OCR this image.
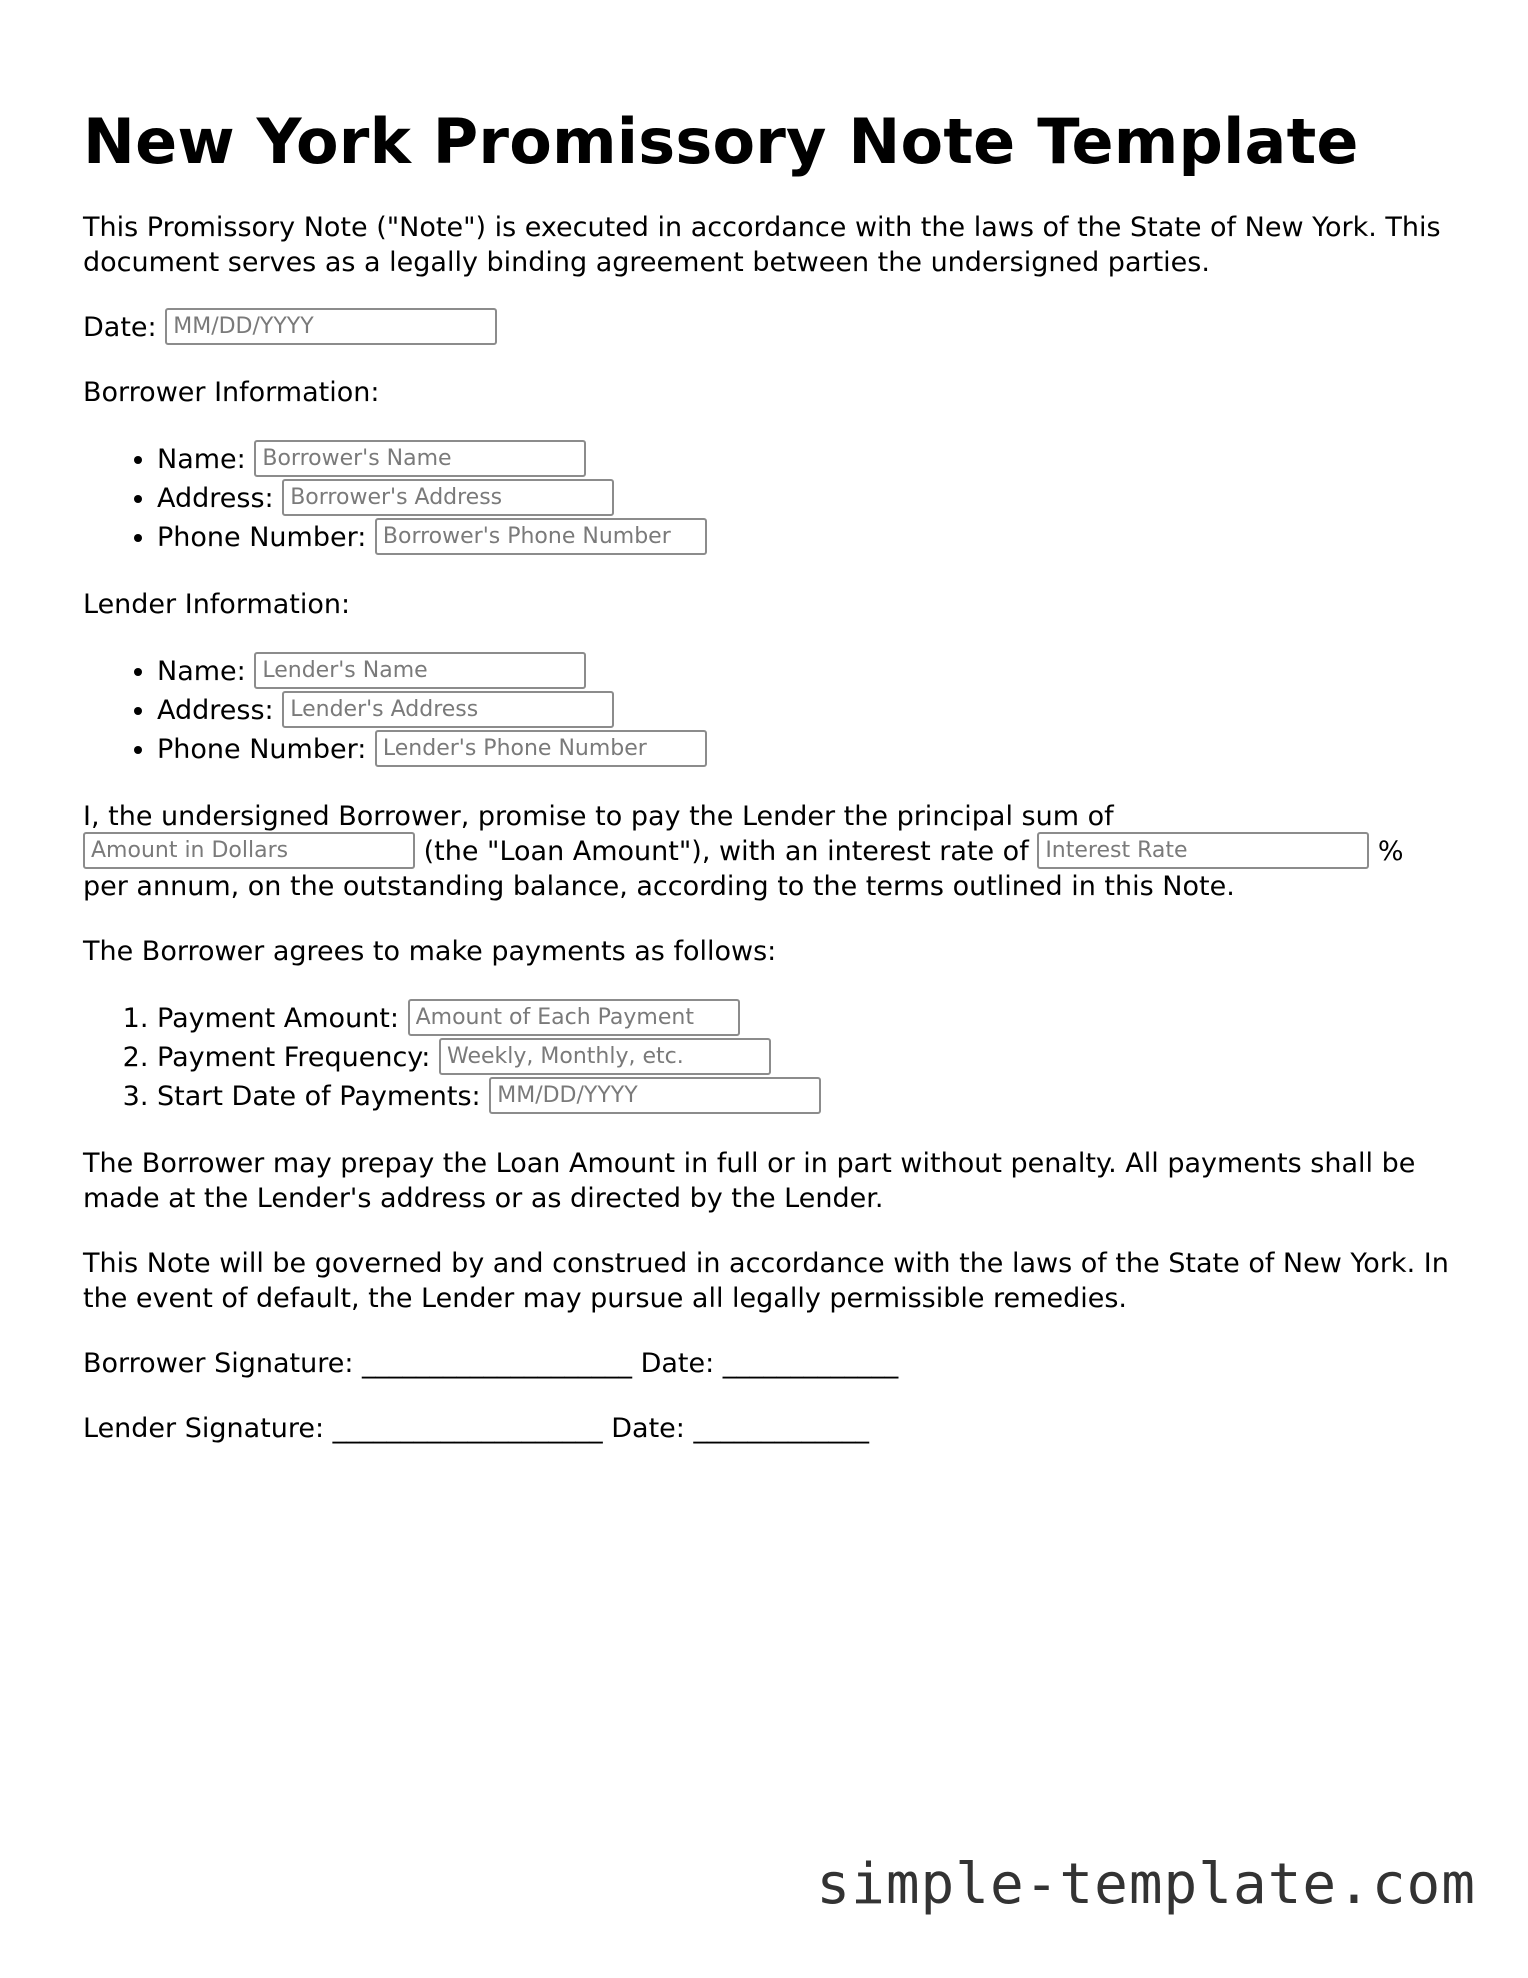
New York Promissory Note Template

This Promissory Note ("Note") is executed in accordance with the laws of the State of New York. This document serves as a legally binding agreement between the undersigned parties.

Date: MM/DD/YYYY
Borrower Information:
• Name: Borrower's Name
• Address: Borrower's Address
• Phone Number: Borrower's Phone Number
Lender Information:
• Name: Lender's Name
• Address: Lender's Address
• Phone Number: Lender's Phone Number

I, the undersigned Borrower, promise to pay the Lender the principal sum of Amount in Dollars (the "Loan Amount"), with an interest rate of Interest Rate	% per annum, on the outstanding balance, according to the terms outlined in this Note.

The Borrower agrees to make payments as follows:
1. Payment Amount: Amount of Each Payment
2. Payment Frequency: Weekly, Monthly, etc.
3. Start Date of Payments: MM/DD/YYYY

The Borrower may prepay the Loan Amount in full or in part without penalty. All payments shall be made at the Lender's address or as directed by the Lender.

This Note will be governed by and construed in accordance with the laws of the State of New York. In the event of default, the Lender may pursue all legally permissible remedies.

Borrower Signature: ____________________ Date: _____________
Lender Signature: ____________________ Date: _____________
simple-template.com
